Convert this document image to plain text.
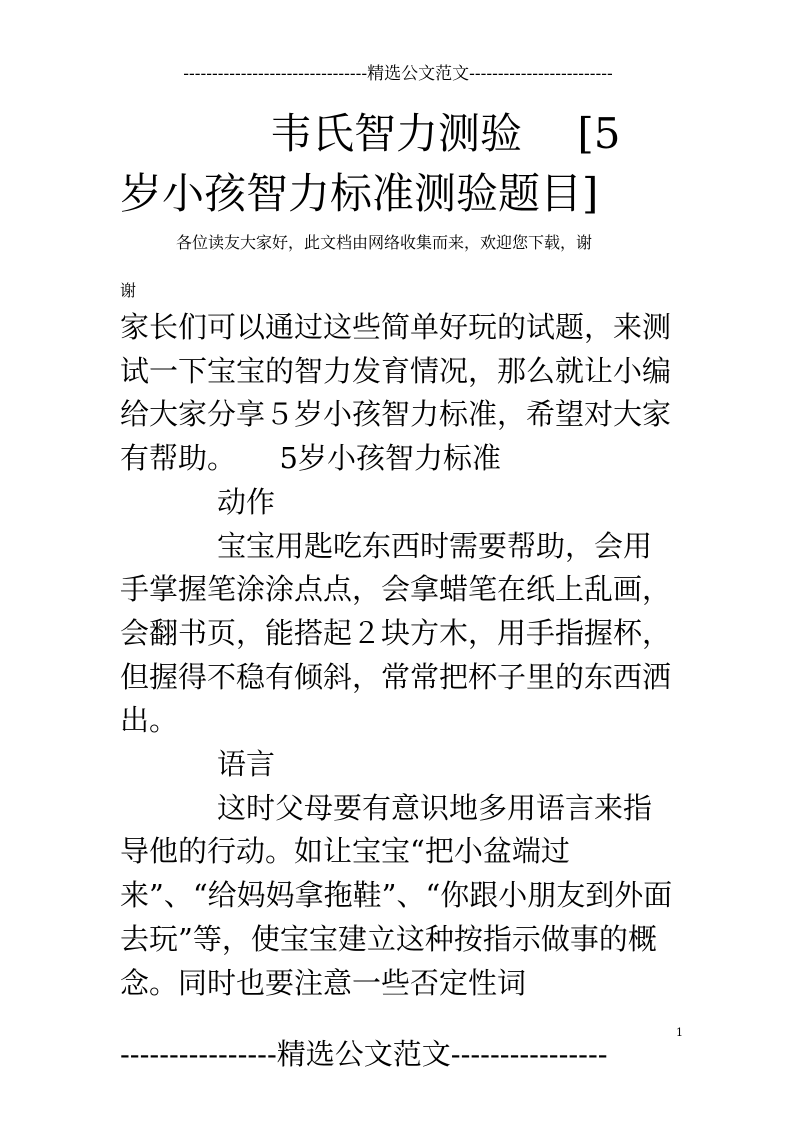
--------------------------------精选公文范文-------------------------
韦氏智力测验　 [5
岁小孩智力标准测验题目]
各位读友大家好，此文档由网络收集而来，欢迎您下载，谢
谢

家长们可以通过这些简单好玩的试题，来测试一下宝宝的智力发育情况，那么就让小编给大家分享５岁小孩智力标准，希望对大家有帮助。　　5岁小孩智力标准

动作

宝宝用匙吃东西时需要帮助，会用手掌握笔涂涂点点，会拿蜡笔在纸上乱画，会翻书页，能搭起２块方木，用手指握杯，但握得不稳有倾斜，常常把杯子里的东西洒出。

语言

这时父母要有意识地多用语言来指导他的行动。如让宝宝“把小盆端过来”、“给妈妈拿拖鞋”、“你跟小朋友到外面去玩”等，使宝宝建立这种按指示做事的概念。同时也要注意一些否定性词

----------------精选公文范文----------------
1
